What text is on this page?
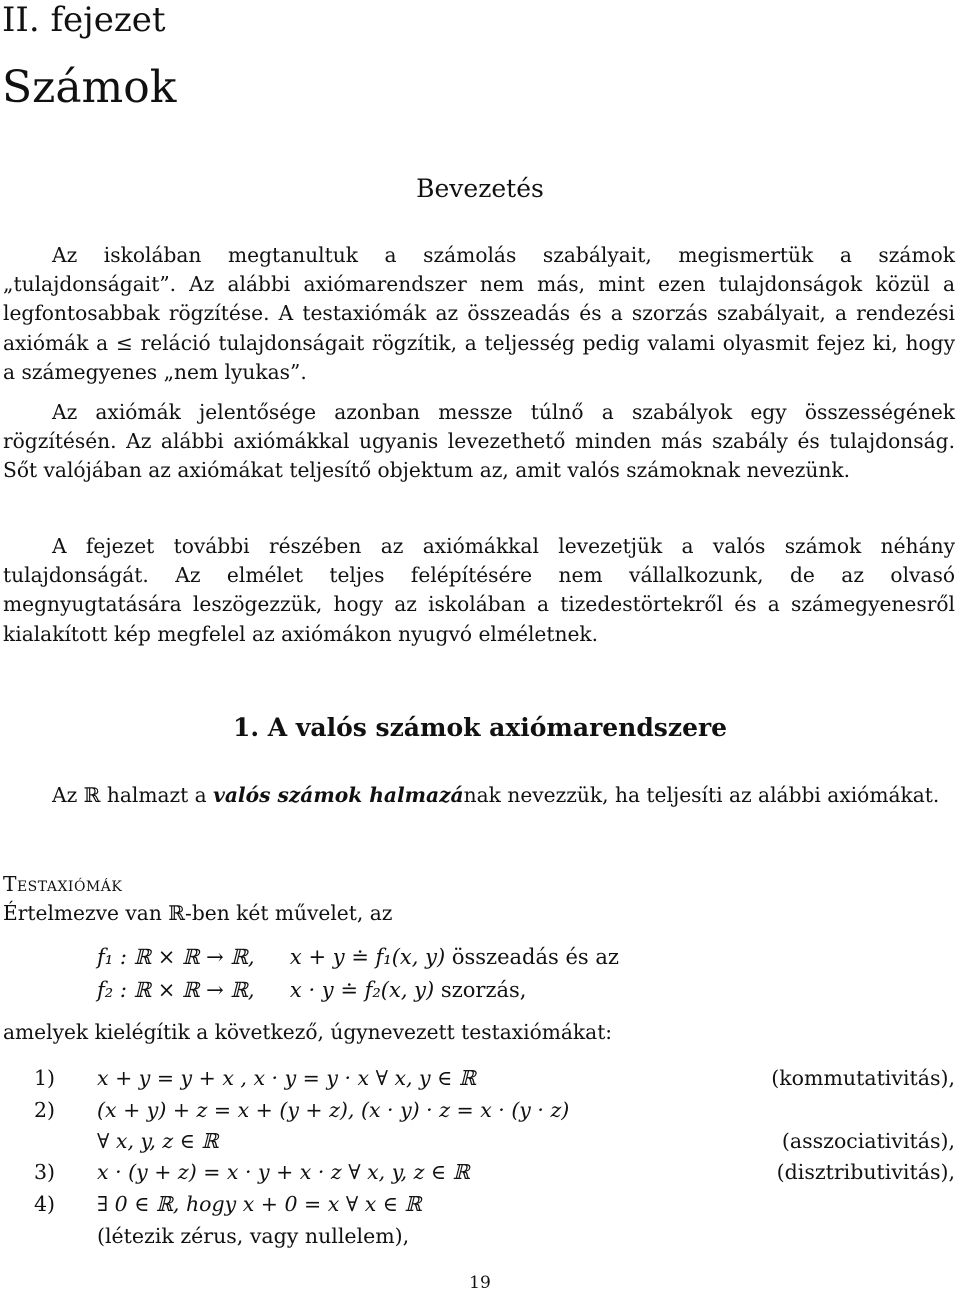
II. fejezet
Számok
Bevezetés

Az iskolában megtanultuk a számolás szabályait, megismertük a számok „tulajdonságait”. Az alábbi axiómarendszer nem más, mint ezen tulajdonságok közül a legfontosabbak rögzítése. A testaxiómák az összeadás és a szorzás szabályait, a rendezési axiómák a ≤ reláció tulajdonságait rögzítik, a teljesség pedig valami olyasmit fejez ki, hogy a számegyenes „nem lyukas”.

Az axiómák jelentősége azonban messze túlnő a szabályok egy összességének rögzítésén. Az alábbi axiómákkal ugyanis levezethető minden más szabály és tulajdonság. Sőt valójában az axiómákat teljesítő objektum az, amit valós számoknak nevezünk.

A fejezet további részében az axiómákkal levezetjük a valós számok néhány tulajdonságát. Az elmélet teljes felépítésére nem vállalkozunk, de az olvasó megnyugtatására leszögezzük, hogy az iskolában a tizedestörtekről és a számegyenesről kialakított kép megfelel az axiómákon nyugvó elméletnek.

1. A valós számok axiómarendszere

Az ℝ halmazt a valós számok halmazának nevezzük, ha teljesíti az alábbi axiómákat.

Testaxiómák
Értelmezve van ℝ-ben két művelet, az
f₁ : ℝ × ℝ → ℝ, x + y ≐ f₁(x, y) összeadás és az
f₂ : ℝ × ℝ → ℝ, x · y ≐ f₂(x, y) szorzás,
amelyek kielégítik a következő, úgynevezett testaxiómákat:
1) x + y = y + x , x · y = y · x ∀ x, y ∈ ℝ	(kommutativitás),
2) (x + y) + z = x + (y + z), (x · y) · z = x · (y · z)
∀ x, y, z ∈ ℝ	(asszociativitás),
3) x · (y + z) = x · y + x · z ∀ x, y, z ∈ ℝ	(disztributivitás),
4) ∃ 0 ∈ ℝ, hogy x + 0 = x ∀ x ∈ ℝ
(létezik zérus, vagy nullelem),
19
